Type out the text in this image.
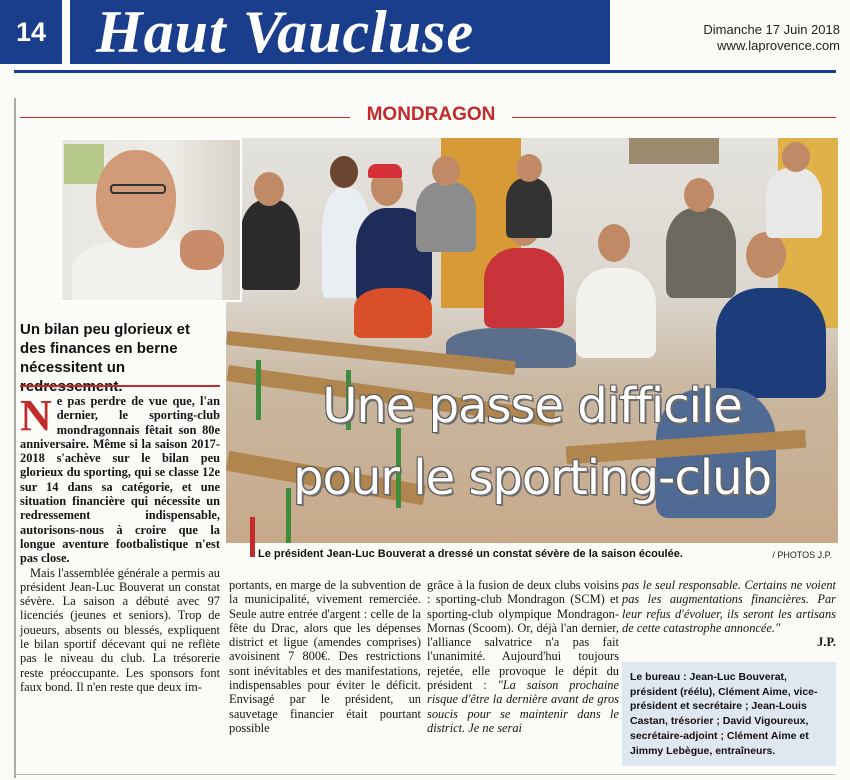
14 Haut Vaucluse	Dimanche 17 Juin 2018
www.laprovence.com
MONDRAGON
Une passe difficile
pour le sporting-club
Le président Jean-Luc Bouverat a dressé un constat sévère de la saison écoulée.	/ PHOTOS J.P.
Un bilan peu glorieux et des finances en berne nécessitent un

Ne pas perdre de vue que, l'an dernier, le sporting-club mondragonnais fêtait son 80e anniversaire. Même si la saison 2017-2018 s'achève sur le bilan peu glorieux du sporting, qui se classe 12e sur 14 dans sa catégorie, et une situation financière qui nécessite un redressement indispensable, autorisons-nous à croire que la longue aventure footbalistique n'est pas close.

Mais l'assemblée générale a permis au président Jean-Luc Bouverat un constat sévère. La saison a débuté avec 97 licenciés (jeunes et seniors). Trop de joueurs, absents ou blessés, expliquent le bilan sportif décevant qui ne reflète pas le niveau du club. La trésorerie reste préoccupante. Les sponsors font faux bond. Il n'en reste que deux im-

portants, en marge de la subvention de la municipalité, vivement remerciée. Seule autre entrée d'argent : celle de la fête du Drac, alors que les dépenses district et ligue (amendes comprises) avoisinent 7 800€. Des restrictions sont inévitables et des manifestations, indispensables pour éviter le déficit. Envisagé par le président, un sauvetage financier était pourtant possible

grâce à la fusion de deux clubs voisins : sporting-club Mondragon (SCM) et sporting-club olympique Mondragon-Mornas (Scoom). Or, déjà l'an dernier, l'alliance salvatrice n'a pas fait l'unanimité. Aujourd'hui toujours rejetée, elle provoque le dépit du président : "La saison prochaine risque d'être la dernière avant de gros soucis pour se maintenir dans le district. Je ne serai

pas le seul responsable. Certains ne voient pas les augmentations financières. Par leur refus d'évoluer, ils seront les artisans de cette catastrophe annoncée."

J.P.

Le bureau : Jean-Luc Bouverat, président (réélu), Clément Aime, vice-président et secrétaire ; Jean-Louis Castan, trésorier ; David Vigoureux, secrétaire-adjoint ; Clément Aime et Jimmy Lebègue, entraîneurs.
